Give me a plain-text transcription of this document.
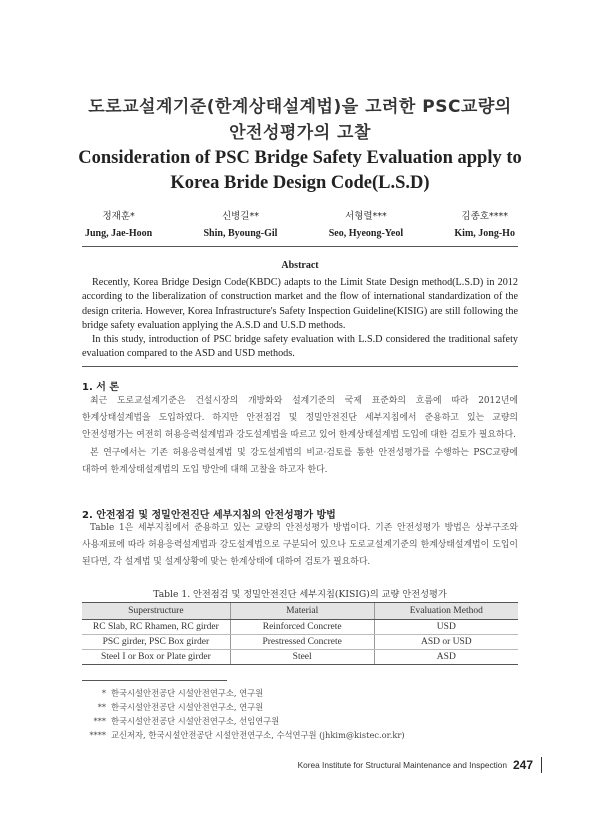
도로교설계기준(한계상태설계법)을 고려한 PSC교량의
안전성평가의 고찰
Consideration of PSC Bridge Safety Evaluation apply to
Korea Bride Design Code(L.S.D)
정재훈*
Jung, Jae-Hoon
신병길**
Shin, Byoung-Gil
서형렬***
Seo, Hyeong-Yeol
김종호****
Kim, Jong-Ho
Abstract

Recently, Korea Bridge Design Code(KBDC) adapts to the Limit State Design method(L.S.D) in 2012 according to the liberalization of construction market and the flow of international standardization of the design criteria. However, Korea Infrastructure's Safety Inspection Guideline(KISIG) are still following the bridge safety evaluation applying the A.S.D and U.S.D methods.

In this study, introduction of PSC bridge safety evaluation with L.S.D considered the traditional safety evaluation compared to the ASD and USD methods.

1. 서 론

최근 도로교설계기준은 건설시장의 개방화와 설계기준의 국제 표준화의 흐름에 따라 2012년에 한계상태설계법을 도입하였다. 하지만 안전점검 및 정밀안전진단 세부지침에서 준용하고 있는 교량의 안전성평가는 여전히 허용응력설계법과 강도설계법을 따르고 있어 한계상태설계법 도입에 대한 검토가 필요하다.

본 연구에서는 기존 허용응력설계법 및 강도설계법의 비교·검토를 통한 안전성평가를 수행하는 PSC교량에 대하여 한계상태설계법의 도입 방안에 대해 고찰을 하고자 한다.

2. 안전점검 및 정밀안전진단 세부지침의 안전성평가 방법

Table 1은 세부지침에서 준용하고 있는 교량의 안전성평가 방법이다. 기존 안전성평가 방법은 상부구조와 사용재료에 따라 허용응력설계법과 강도설계법으로 구분되어 있으나 도로교설계기준의 한계상태설계법이 도입이 된다면, 각 설계법 및 설계상황에 맞는 한계상태에 대하여 검토가 필요하다.

Table 1. 안전점검 및 정밀안전진단 세부지침(KISIG)의 교량 안전성평가
Superstructure	Material	Evaluation Method
RC Slab, RC Rhamen, RC girder	Reinforced Concrete	USD
PSC girder, PSC Box girder	Prestressed Concrete	ASD or USD
Steel I or Box or Plate girder	Steel	ASD
* 한국시설안전공단 시설안전연구소, 연구원
** 한국시설안전공단 시설안전연구소, 연구원
*** 한국시설안전공단 시설안전연구소, 선임연구원
**** 교신저자, 한국시설안전공단 시설안전연구소, 수석연구원 (jhkim@kistec.or.kr)
Korea Institute for Structural Maintenance and Inspection 247
